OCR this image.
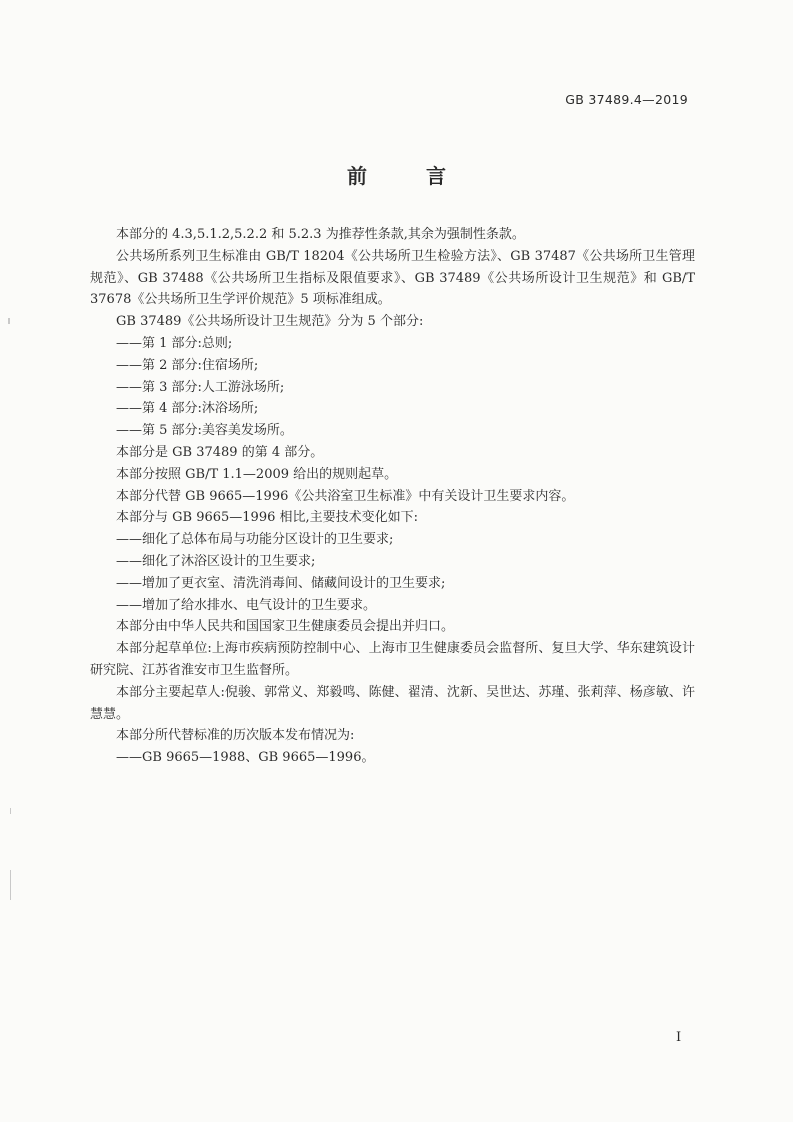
GB 37489.4—2019
前 言

本部分的 4.3,5.1.2,5.2.2 和 5.2.3 为推荐性条款,其余为强制性条款。

公共场所系列卫生标准由 GB/T 18204《公共场所卫生检验方法》、GB 37487《公共场所卫生管理规范》、GB 37488《公共场所卫生指标及限值要求》、GB 37489《公共场所设计卫生规范》和 GB/T 37678《公共场所卫生学评价规范》5 项标准组成。

GB 37489《公共场所设计卫生规范》分为 5 个部分:

——第 1 部分:总则;

——第 2 部分:住宿场所;

——第 3 部分:人工游泳场所;

——第 4 部分:沐浴场所;

——第 5 部分:美容美发场所。

本部分是 GB 37489 的第 4 部分。

本部分按照 GB/T 1.1—2009 给出的规则起草。

本部分代替 GB 9665—1996《公共浴室卫生标准》中有关设计卫生要求内容。

本部分与 GB 9665—1996 相比,主要技术变化如下:

——细化了总体布局与功能分区设计的卫生要求;

——细化了沐浴区设计的卫生要求;

——增加了更衣室、清洗消毒间、储藏间设计的卫生要求;

——增加了给水排水、电气设计的卫生要求。

本部分由中华人民共和国国家卫生健康委员会提出并归口。

本部分起草单位:上海市疾病预防控制中心、上海市卫生健康委员会监督所、复旦大学、华东建筑设计研究院、江苏省淮安市卫生监督所。

本部分主要起草人:倪骏、郭常义、郑毅鸣、陈健、翟清、沈新、吴世达、苏瑾、张莉萍、杨彦敏、许慧慧。

本部分所代替标准的历次版本发布情况为:

——GB 9665—1988、GB 9665—1996。

I
